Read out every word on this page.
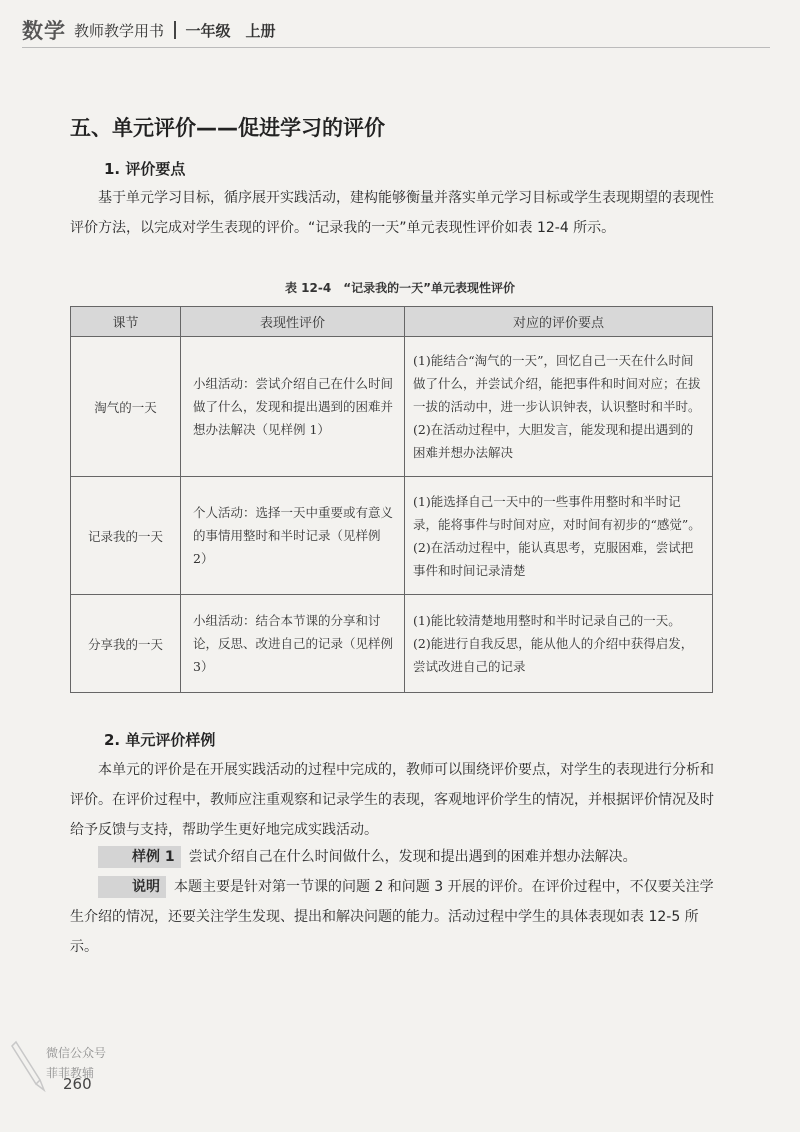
数学 教师教学用书 一年级　上册
五、单元评价——促进学习的评价
1. 评价要点

基于单元学习目标，循序展开实践活动，建构能够衡量并落实单元学习目标或学生表现期望的表现性评价方法，以完成对学生表现的评价。“记录我的一天”单元表现性评价如表 12-4 所示。

表 12-4　“记录我的一天”单元表现性评价
课节	表现性评价	对应的评价要点
淘气的一天	小组活动：尝试介绍自己在什么时间做了什么，发现和提出遇到的困难并想办法解决（见样例 1）	(1)能结合“淘气的一天”，回忆自己一天在什么时间做了什么，并尝试介绍，能把事件和时间对应；在拔一拔的活动中，进一步认识钟表，认识整时和半时。
(2)在活动过程中，大胆发言，能发现和提出遇到的困难并想办法解决

记录我的一天	个人活动：选择一天中重要或有意义的事情用整时和半时记录（见样例 2）	(1)能选择自己一天中的一些事件用整时和半时记录，能将事件与时间对应，对时间有初步的“感觉”。
(2)在活动过程中，能认真思考，克服困难，尝试把事件和时间记录清楚

分享我的一天	小组活动：结合本节课的分享和讨论，反思、改进自己的记录（见样例 3）	(1)能比较清楚地用整时和半时记录自己的一天。
(2)能进行自我反思，能从他人的介绍中获得启发，尝试改进自己的记录
2. 单元评价样例

本单元的评价是在开展实践活动的过程中完成的，教师可以围绕评价要点，对学生的表现进行分析和评价。在评价过程中，教师应注重观察和记录学生的表现，客观地评价学生的情况，并根据评价情况及时给予反馈与支持，帮助学生更好地完成实践活动。

样例 1 尝试介绍自己在什么时间做什么，发现和提出遇到的困难并想办法解决。

说明 本题主要是针对第一节课的问题 2 和问题 3 开展的评价。在评价过程中，不仅要关注学生介绍的情况，还要关注学生发现、提出和解决问题的能力。活动过程中学生的具体表现如表 12-5 所示。

微信公众号
菲菲教辅
260
